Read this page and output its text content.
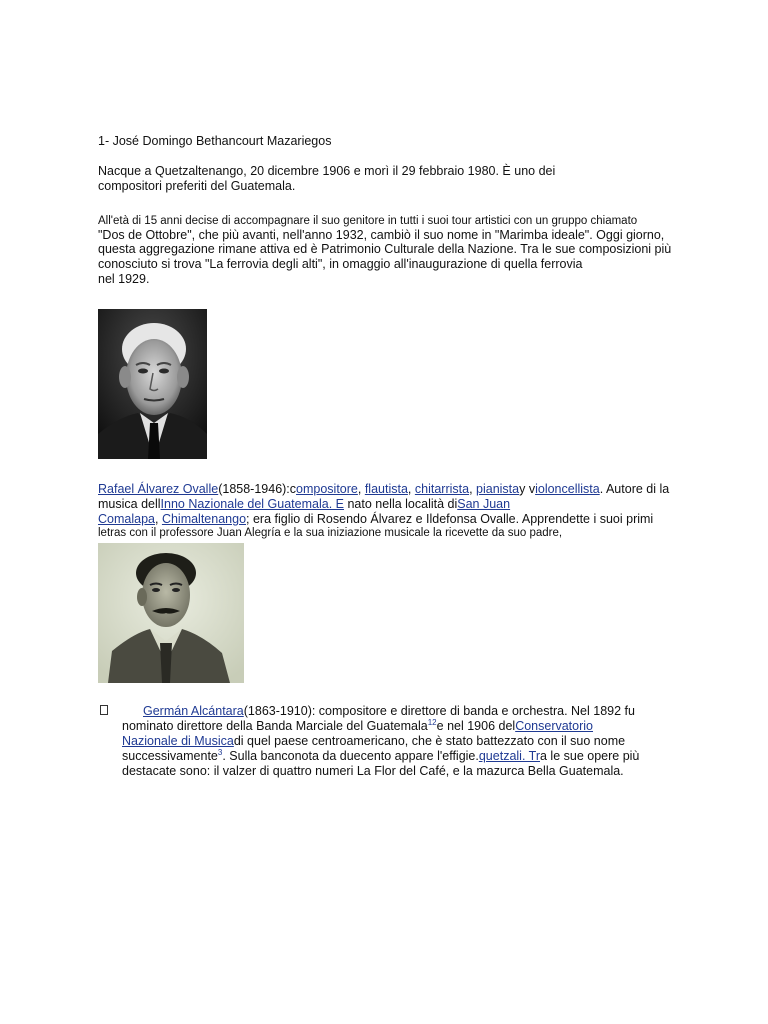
1- José Domingo Bethancourt Mazariegos
Nacque a Quetzaltenango, 20 dicembre 1906 e morì il 29 febbraio 1980. È uno dei
compositori preferiti del Guatemala.
All'età di 15 anni decise di accompagnare il suo genitore in tutti i suoi tour artistici con un gruppo chiamato
"Dos de Ottobre", che più avanti, nell'anno 1932, cambiò il suo nome in "Marimba ideale". Oggi giorno,
questa aggregazione rimane attiva ed è Patrimonio Culturale della Nazione. Tra le sue composizioni più
conosciuto si trova "La ferrovia degli alti", in omaggio all'inaugurazione di quella ferrovia
nel 1929.
Rafael Álvarez Ovalle(1858-1946):compositore, flautista, chitarrista, pianistay violoncellista. Autore di la
musica dellInno Nazionale del Guatemala. E nato nella località diSan Juan
Comalapa, Chimaltenango; era figlio di Rosendo Álvarez e Ildefonsa Ovalle. Apprendette i suoi primi
letras con il professore Juan Alegría e la sua iniziazione musicale la ricevette da suo padre,
Germán Alcántara(1863-1910): compositore e direttore di banda e orchestra. Nel 1892 fu
nominato direttore della Banda Marciale del Guatemala$^{12}$e nel 1906 delConservatorio
Nazionale di Musicadi quel paese centroamericano, che è stato battezzato con il suo nome
successivamente$^3$. Sulla banconota da duecento appare l'effigie.quetzali. Tra le sue opere più
destacate sono: il valzer di quattro numeri La Flor del Café, e la mazurca Bella Guatemala.
